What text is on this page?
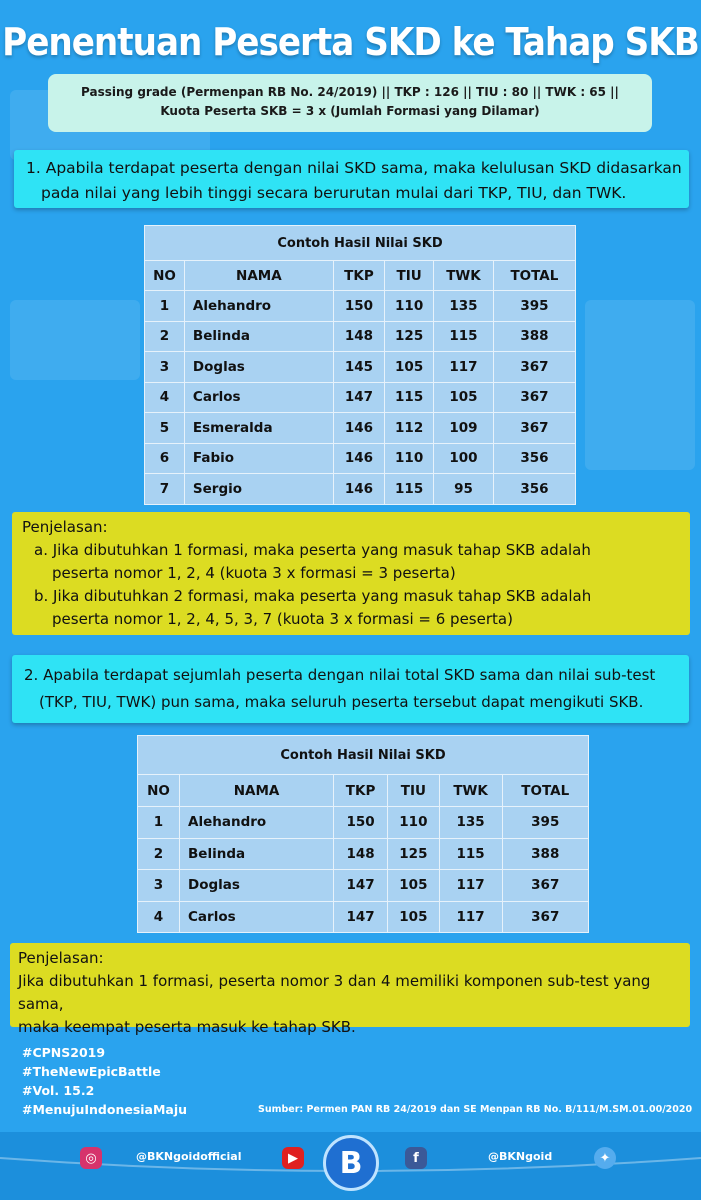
Penentuan Peserta SKD ke Tahap SKB
Passing grade (Permenpan RB No. 24/2019) || TKP : 126 || TIU : 80 || TWK : 65 ||
Kuota Peserta SKB = 3 x (Jumlah Formasi yang Dilamar)
1. Apabila terdapat peserta dengan nilai SKD sama, maka kelulusan SKD didasarkan
pada nilai yang lebih tinggi secara berurutan mulai dari TKP, TIU, dan TWK.
Contoh Hasil Nilai SKD					
NO	NAMA	TKP	TIU	TWK	TOTAL
1	Alehandro	150	110	135	395
2	Belinda	148	125	115	388
3	Doglas	145	105	117	367
4	Carlos	147	115	105	367
5	Esmeralda	146	112	109	367
6	Fabio	146	110	100	356
7	Sergio	146	115	95	356
Penjelasan:
a. Jika dibutuhkan 1 formasi, maka peserta yang masuk tahap SKB adalah
peserta nomor 1, 2, 4 (kuota 3 x formasi = 3 peserta)
b. Jika dibutuhkan 2 formasi, maka peserta yang masuk tahap SKB adalah
peserta nomor 1, 2, 4, 5, 3, 7 (kuota 3 x formasi = 6 peserta)
2. Apabila terdapat sejumlah peserta dengan nilai total SKD sama dan nilai sub-test
(TKP, TIU, TWK) pun sama, maka seluruh peserta tersebut dapat mengikuti SKB.
Contoh Hasil Nilai SKD					
NO	NAMA	TKP	TIU	TWK	TOTAL
1	Alehandro	150	110	135	395
2	Belinda	148	125	115	388
3	Doglas	147	105	117	367
4	Carlos	147	105	117	367
Penjelasan:
Jika dibutuhkan 1 formasi, peserta nomor 3 dan 4 memiliki komponen sub-test yang sama,
maka keempat peserta masuk ke tahap SKB.
#CPNS2019
#TheNewEpicBattle
#Vol. 15.2
#MenujuIndonesiaMaju	Sumber: Permen PAN RB 24/2019 dan SE Menpan RB No. B/111/M.SM.01.00/2020
◎	@BKNgoidofficial	▶	B	f	@BKNgoid	✦
